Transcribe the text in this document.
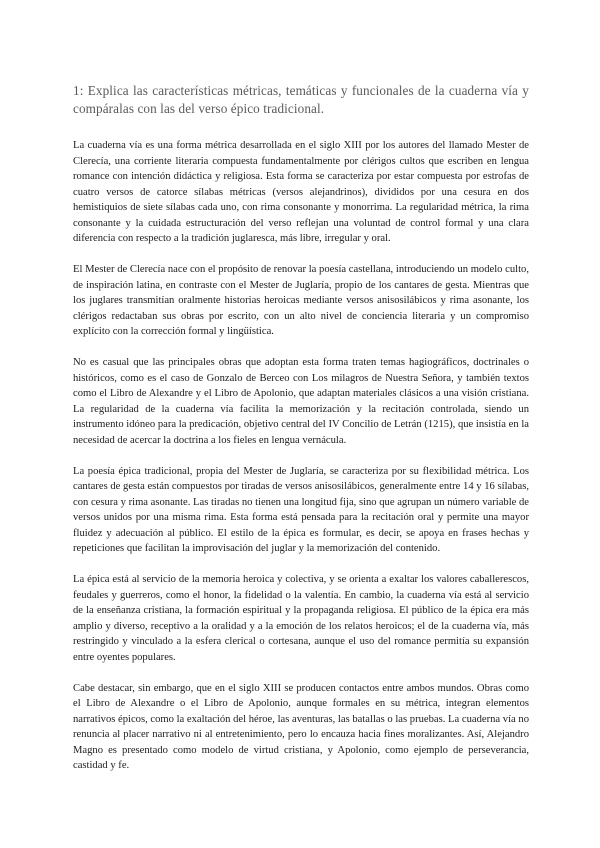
1: Explica las características métricas, temáticas y funcionales de la cuaderna vía y compáralas con las del verso épico tradicional.

La cuaderna vía es una forma métrica desarrollada en el siglo XIII por los autores del llamado Mester de Clerecía, una corriente literaria compuesta fundamentalmente por clérigos cultos que escriben en lengua romance con intención didáctica y religiosa. Esta forma se caracteriza por estar compuesta por estrofas de cuatro versos de catorce sílabas métricas (versos alejandrinos), divididos por una cesura en dos hemistiquios de siete sílabas cada uno, con rima consonante y monorrima. La regularidad métrica, la rima consonante y la cuidada estructuración del verso reflejan una voluntad de control formal y una clara diferencia con respecto a la tradición juglaresca, más libre, irregular y oral.

El Mester de Clerecía nace con el propósito de renovar la poesía castellana, introduciendo un modelo culto, de inspiración latina, en contraste con el Mester de Juglaría, propio de los cantares de gesta. Mientras que los juglares transmitían oralmente historias heroicas mediante versos anisosilábicos y rima asonante, los clérigos redactaban sus obras por escrito, con un alto nivel de conciencia literaria y un compromiso explícito con la corrección formal y lingüística.

No es casual que las principales obras que adoptan esta forma traten temas hagiográficos, doctrinales o históricos, como es el caso de Gonzalo de Berceo con Los milagros de Nuestra Señora, y también textos como el Libro de Alexandre y el Libro de Apolonio, que adaptan materiales clásicos a una visión cristiana. La regularidad de la cuaderna vía facilita la memorización y la recitación controlada, siendo un instrumento idóneo para la predicación, objetivo central del IV Concilio de Letrán (1215), que insistía en la necesidad de acercar la doctrina a los fieles en lengua vernácula.

La poesía épica tradicional, propia del Mester de Juglaría, se caracteriza por su flexibilidad métrica. Los cantares de gesta están compuestos por tiradas de versos anisosilábicos, generalmente entre 14 y 16 sílabas, con cesura y rima asonante. Las tiradas no tienen una longitud fija, sino que agrupan un número variable de versos unidos por una misma rima. Esta forma está pensada para la recitación oral y permite una mayor fluidez y adecuación al público. El estilo de la épica es formular, es decir, se apoya en frases hechas y repeticiones que facilitan la improvisación del juglar y la memorización del contenido.

La épica está al servicio de la memoria heroica y colectiva, y se orienta a exaltar los valores caballerescos, feudales y guerreros, como el honor, la fidelidad o la valentía. En cambio, la cuaderna vía está al servicio de la enseñanza cristiana, la formación espiritual y la propaganda religiosa. El público de la épica era más amplio y diverso, receptivo a la oralidad y a la emoción de los relatos heroicos; el de la cuaderna vía, más restringido y vinculado a la esfera clerical o cortesana, aunque el uso del romance permitía su expansión entre oyentes populares.

Cabe destacar, sin embargo, que en el siglo XIII se producen contactos entre ambos mundos. Obras como el Libro de Alexandre o el Libro de Apolonio, aunque formales en su métrica, integran elementos narrativos épicos, como la exaltación del héroe, las aventuras, las batallas o las pruebas. La cuaderna vía no renuncia al placer narrativo ni al entretenimiento, pero lo encauza hacia fines moralizantes. Así, Alejandro Magno es presentado como modelo de virtud cristiana, y Apolonio, como ejemplo de perseverancia, castidad y fe.
